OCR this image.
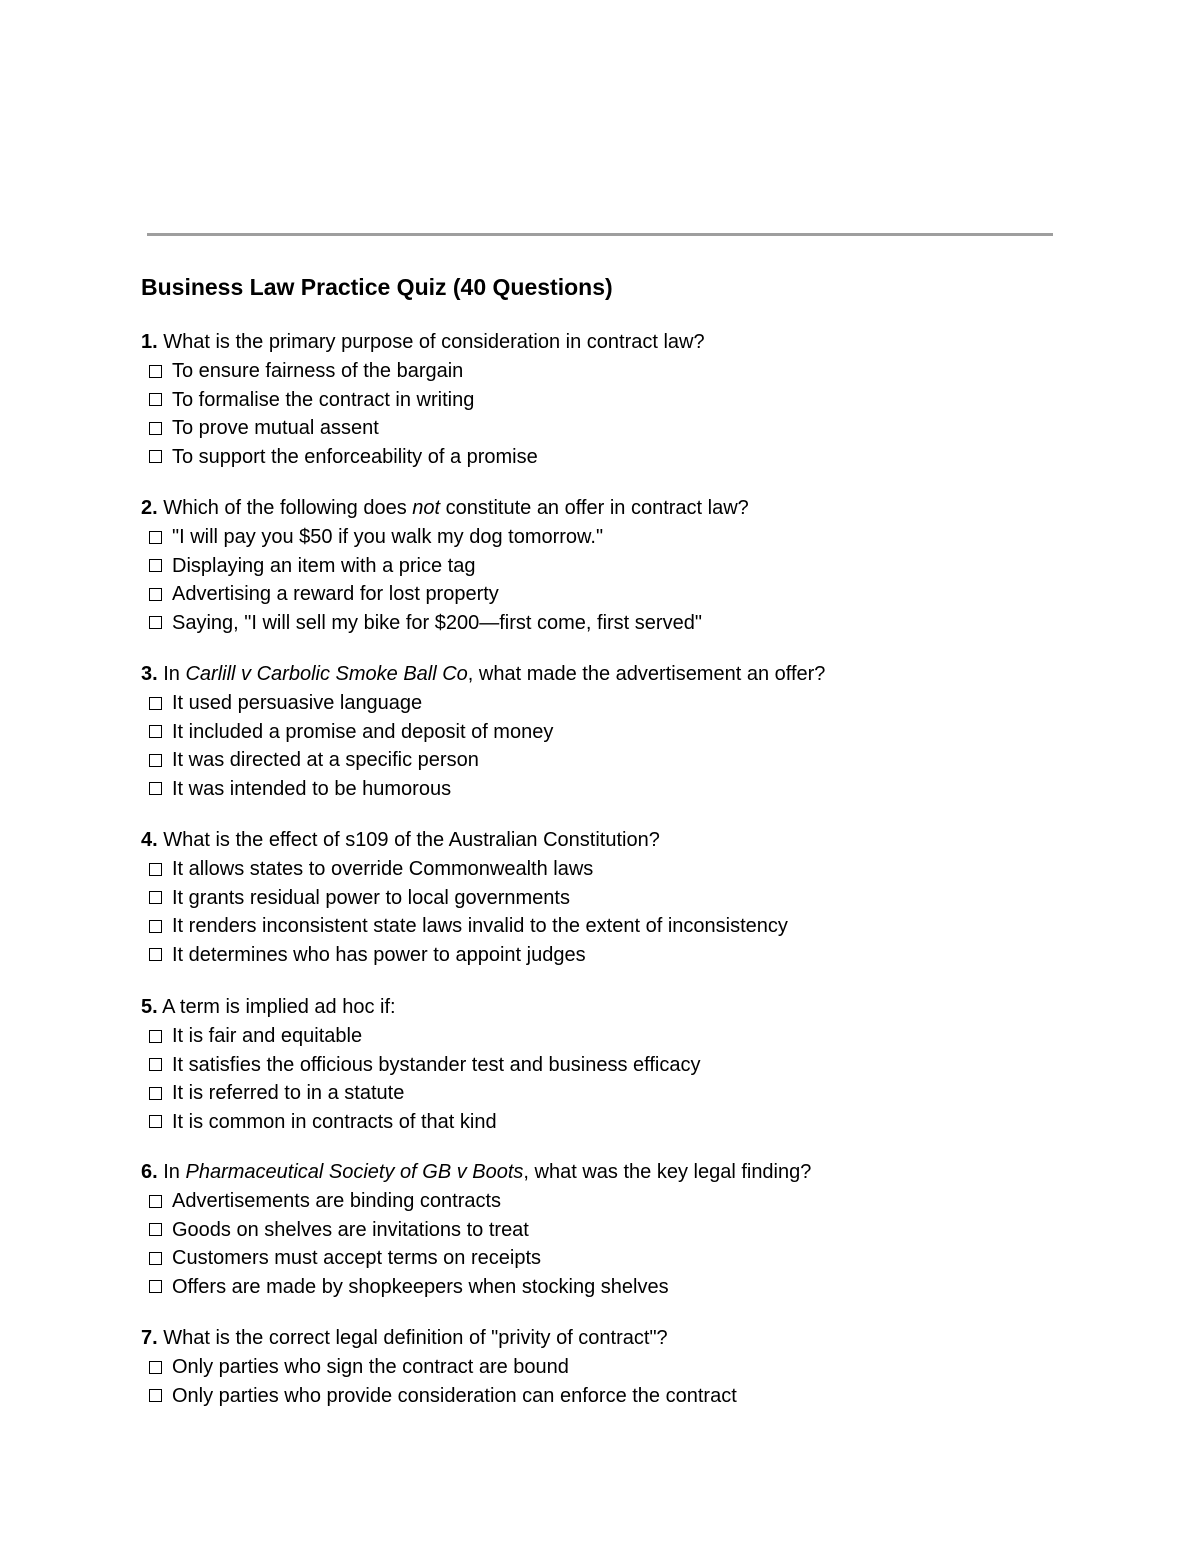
Business Law Practice Quiz (40 Questions)
1. What is the primary purpose of consideration in contract law?
To ensure fairness of the bargain
To formalise the contract in writing
To prove mutual assent
To support the enforceability of a promise
2. Which of the following does not constitute an offer in contract law?
"I will pay you $50 if you walk my dog tomorrow."
Displaying an item with a price tag
Advertising a reward for lost property
Saying, "I will sell my bike for $200—first come, first served"
3. In Carlill v Carbolic Smoke Ball Co, what made the advertisement an offer?
It used persuasive language
It included a promise and deposit of money
It was directed at a specific person
It was intended to be humorous
4. What is the effect of s109 of the Australian Constitution?
It allows states to override Commonwealth laws
It grants residual power to local governments
It renders inconsistent state laws invalid to the extent of inconsistency
It determines who has power to appoint judges
5. A term is implied ad hoc if:
It is fair and equitable
It satisfies the officious bystander test and business efficacy
It is referred to in a statute
It is common in contracts of that kind
6. In Pharmaceutical Society of GB v Boots, what was the key legal finding?
Advertisements are binding contracts
Goods on shelves are invitations to treat
Customers must accept terms on receipts
Offers are made by shopkeepers when stocking shelves
7. What is the correct legal definition of "privity of contract"?
Only parties who sign the contract are bound
Only parties who provide consideration can enforce the contract
